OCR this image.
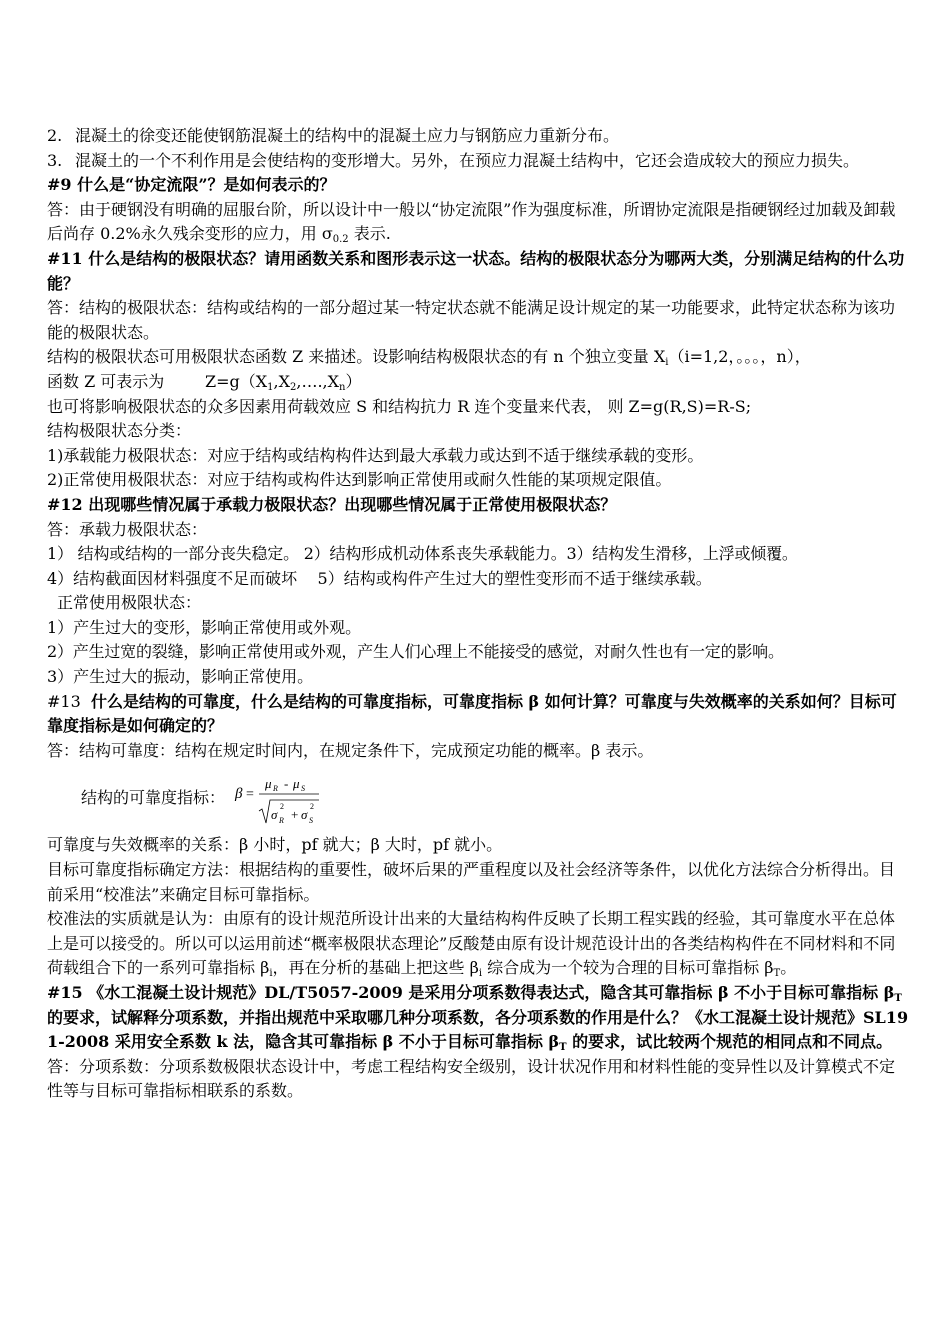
2. 混凝土的徐变还能使钢筋混凝土的结构中的混凝土应力与钢筋应力重新分布。
3. 混凝土的一个不利作用是会使结构的变形增大。另外，在预应力混凝土结构中，它还会造成较大的预应力损失。

#9 什么是“协定流限”？是如何表示的？

答：由于硬钢没有明确的屈服台阶，所以设计中一般以“协定流限”作为强度标准，所谓协定流限是指硬钢经过加载及卸载后尚存 0.2%永久残余变形的应力，用 $\sigma_{0.2}$ 表示.

#11 什么是结构的极限状态？请用函数关系和图形表示这一状态。结构的极限状态分为哪两大类，分别满足结构的什么功能？

答：结构的极限状态：结构或结构的一部分超过某一特定状态就不能满足设计规定的某一功能要求，此特定状态称为该功能的极限状态。

结构的极限状态可用极限状态函数 Z 来描述。设影响结构极限状态的有 n 个独立变量 $X_i(i=1,2$，。。。，n），

函数 Z 可表示为        $Z=g(X_1,X_2,\dots.,X_n)$

也可将影响极限状态的众多因素用荷载效应 S 和结构抗力 R 连个变量来代表， 则 Z=g(R,S)=R-S;

结构极限状态分类：

1)承载能力极限状态：对应于结构或结构构件达到最大承载力或达到不适于继续承载的变形。

2)正常使用极限状态：对应于结构或构件达到影响正常使用或耐久性能的某项规定限值。

#12 出现哪些情况属于承载力极限状态？出现哪些情况属于正常使用极限状态？

答：承载力极限状态：

1） 结构或结构的一部分丧失稳定。 2）结构形成机动体系丧失承载能力。3）结构发生滑移，上浮或倾覆。

4）结构截面因材料强度不足而破坏    5）结构或构件产生过大的塑性变形而不适于继续承载。

正常使用极限状态：

1）产生过大的变形，影响正常使用或外观。

2）产生过宽的裂缝，影响正常使用或外观，产生人们心理上不能接受的感觉，对耐久性也有一定的影响。

3）产生过大的振动，影响正常使用。

#13  什么是结构的可靠度，什么是结构的可靠度指标，可靠度指标 β 如何计算？可靠度与失效概率的关系如何？目标可靠度指标是如何确定的？

答：结构可靠度：结构在规定时间内，在规定条件下，完成预定功能的概率。β 表示。

结构的可靠度指标： β =
μ R - μ S
σ R
2
+ σ S
2

可靠度与失效概率的关系：β 小时，pf 就大；β 大时，pf 就小。

目标可靠度指标确定方法：根据结构的重要性，破坏后果的严重程度以及社会经济等条件，以优化方法综合分析得出。目前采用“校准法”来确定目标可靠指标。

校准法的实质就是认为：由原有的设计规范所设计出来的大量结构构件反映了长期工程实践的经验，其可靠度水平在总体上是可以接受的。所以可以运用前述“概率极限状态理论”反酸楚由原有设计规范设计出的各类结构构件在不同材料和不同荷载组合下的一系列可靠指标 $\beta_i$，再在分析的基础上把这些 $\beta_i$ 综合成为一个较为合理的目标可靠指标 $\beta_T$。

#15 《水工混凝土设计规范》DL/T5057-2009 是采用分项系数得表达式，隐含其可靠指标 β 不小于目标可靠指标 $\beta_T$ 的要求，试解释分项系数，并指出规范中采取哪几种分项系数，各分项系数的作用是什么？《水工混凝土设计规范》SL191-2008 采用安全系数 k 法，隐含其可靠指标 β 不小于目标可靠指标 $\beta_T$ 的要求，试比较两个规范的相同点和不同点。

答：分项系数：分项系数极限状态设计中，考虑工程结构安全级别，设计状况作用和材料性能的变异性以及计算模式不定性等与目标可靠指标相联系的系数。
